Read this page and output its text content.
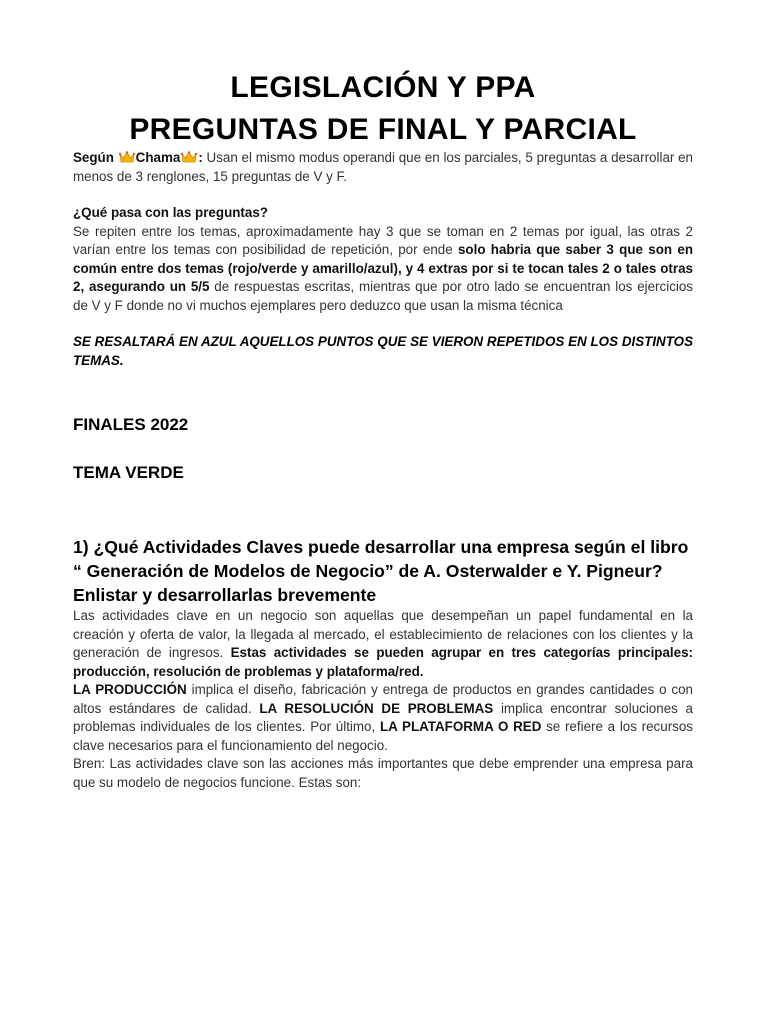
LEGISLACIÓN Y PPA
PREGUNTAS DE FINAL Y PARCIAL

Según Chama : Usan el mismo modus operandi que en los parciales, 5 preguntas a desarrollar en menos de 3 renglones, 15 preguntas de V y F.

¿Qué pasa con las preguntas?

Se repiten entre los temas, aproximadamente hay 3 que se toman en 2 temas por igual, las otras 2 varían entre los temas con posibilidad de repetición, por ende solo habria que saber 3 que son en común entre dos temas (rojo/verde y amarillo/azul), y 4 extras por si te tocan tales 2 o tales otras 2, asegurando un 5/5 de respuestas escritas, mientras que por otro lado se encuentran los ejercicios de V y F donde no vi muchos ejemplares pero deduzco que usan la misma técnica

SE RESALTARÁ EN AZUL AQUELLOS PUNTOS QUE SE VIERON REPETIDOS EN LOS DISTINTOS TEMAS.
FINALES 2022
TEMA VERDE
1) ¿Qué Actividades Claves puede desarrollar una empresa según el libro “ Generación de Modelos de Negocio” de A. Osterwalder e Y. Pigneur? Enlistar y desarrollarlas brevemente

Las actividades clave en un negocio son aquellas que desempeñan un papel fundamental en la creación y oferta de valor, la llegada al mercado, el establecimiento de relaciones con los clientes y la generación de ingresos. Estas actividades se pueden agrupar en tres categorías principales: producción, resolución de problemas y plataforma/red.

LA PRODUCCIÓN implica el diseño, fabricación y entrega de productos en grandes cantidades o con altos estándares de calidad. LA RESOLUCIÓN DE PROBLEMAS implica encontrar soluciones a problemas individuales de los clientes. Por último, LA PLATAFORMA O RED se refiere a los recursos clave necesarios para el funcionamiento del negocio.

Bren: Las actividades clave son las acciones más importantes que debe emprender una empresa para que su modelo de negocios funcione. Estas son:
